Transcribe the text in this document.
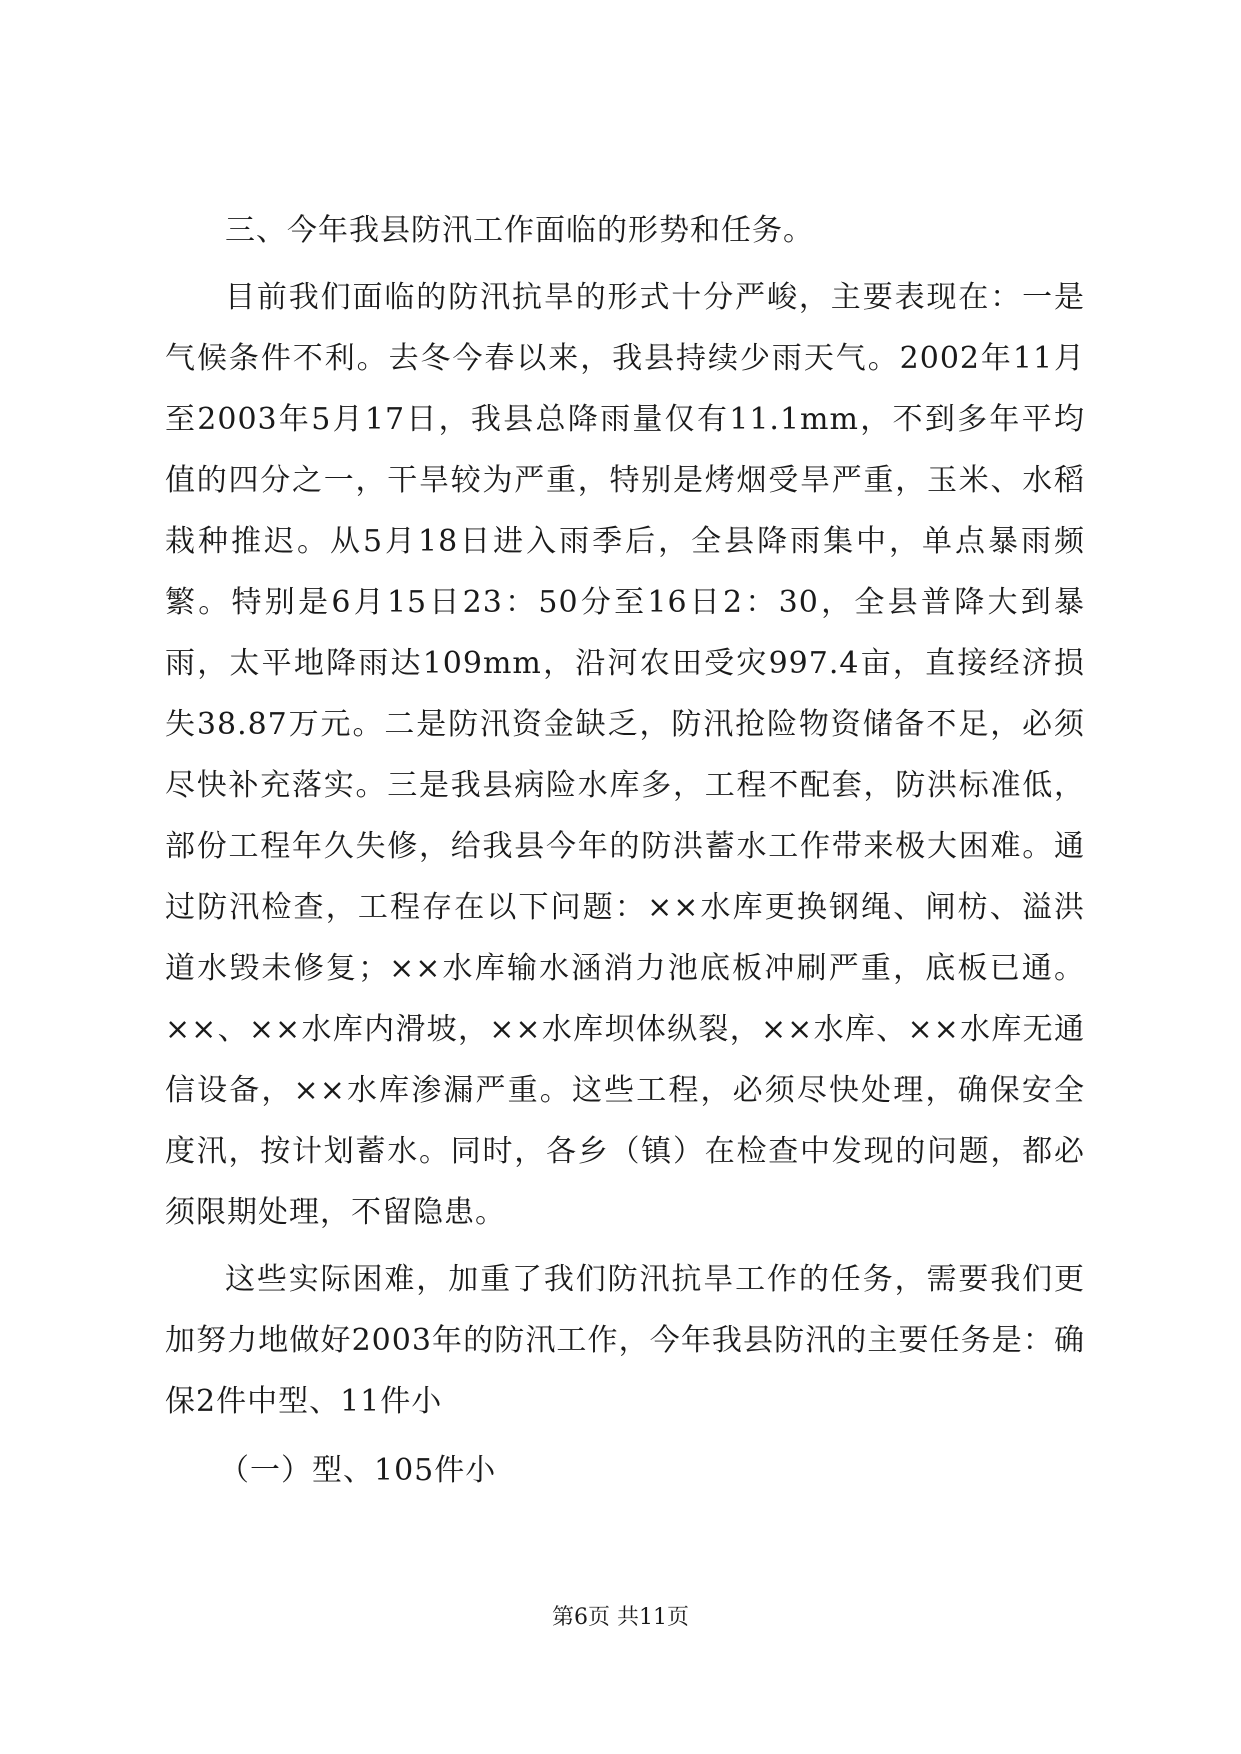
三、今年我县防汛工作面临的形势和任务。

目前我们面临的防汛抗旱的形式十分严峻，主要表现在：一是气候条件不利。去冬今春以来，我县持续少雨天气。2002年11月至2003年5月17日，我县总降雨量仅有11.1mm，不到多年平均值的四分之一，干旱较为严重，特别是烤烟受旱严重，玉米、水稻栽种推迟。从5月18日进入雨季后，全县降雨集中，单点暴雨频繁。特别是6月15日23：50分至16日2：30，全县普降大到暴雨，太平地降雨达109mm，沿河农田受灾997.4亩，直接经济损失38.87万元。二是防汛资金缺乏，防汛抢险物资储备不足，必须尽快补充落实。三是我县病险水库多，工程不配套，防洪标准低，部份工程年久失修，给我县今年的防洪蓄水工作带来极大困难。通过防汛检查，工程存在以下问题：××水库更换钢绳、闸枋、溢洪道水毁未修复；××水库输水涵消力池底板冲刷严重，底板已通。××、××水库内滑坡，××水库坝体纵裂，××水库、××水库无通信设备，××水库渗漏严重。这些工程，必须尽快处理，确保安全度汛，按计划蓄水。同时，各乡（镇）在检查中发现的问题，都必须限期处理，不留隐患。

这些实际困难，加重了我们防汛抗旱工作的任务，需要我们更加努力地做好2003年的防汛工作，今年我县防汛的主要任务是：确保2件中型、11件小

（一）型、105件小

第6页 共11页
